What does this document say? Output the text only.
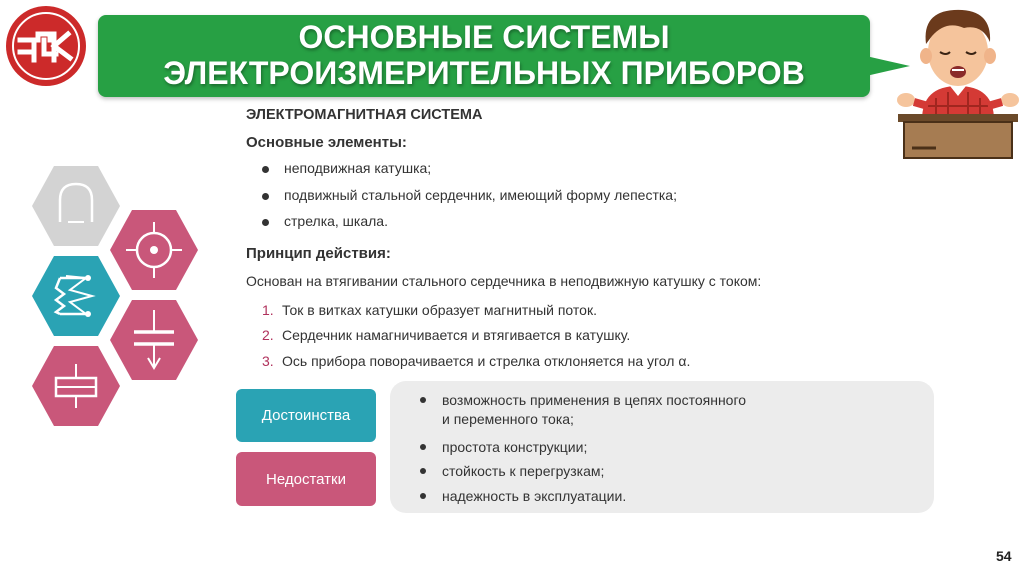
ОСНОВНЫЕ СИСТЕМЫ
ЭЛЕКТРОИЗМЕРИТЕЛЬНЫХ ПРИБОРОВ
ЭЛЕКТРОМАГНИТНАЯ СИСТЕМА
Основные элементы:
неподвижная катушка;
подвижный стальной сердечник, имеющий форму лепестка;
стрелка, шкала.
Принцип действия:
Основан на втягивании стального сердечника в неподвижную катушку с током:
1. Ток в витках катушки образует магнитный поток.
2. Сердечник намагничивается и втягивается в катушку.
3. Ось прибора поворачивается и стрелка отклоняется на угол α.
Достоинства
Недостатки
возможность применения в цепях постоянного
и переменного тока;
простота конструкции;
стойкость к перегрузкам;
надежность в эксплуатации.
54
